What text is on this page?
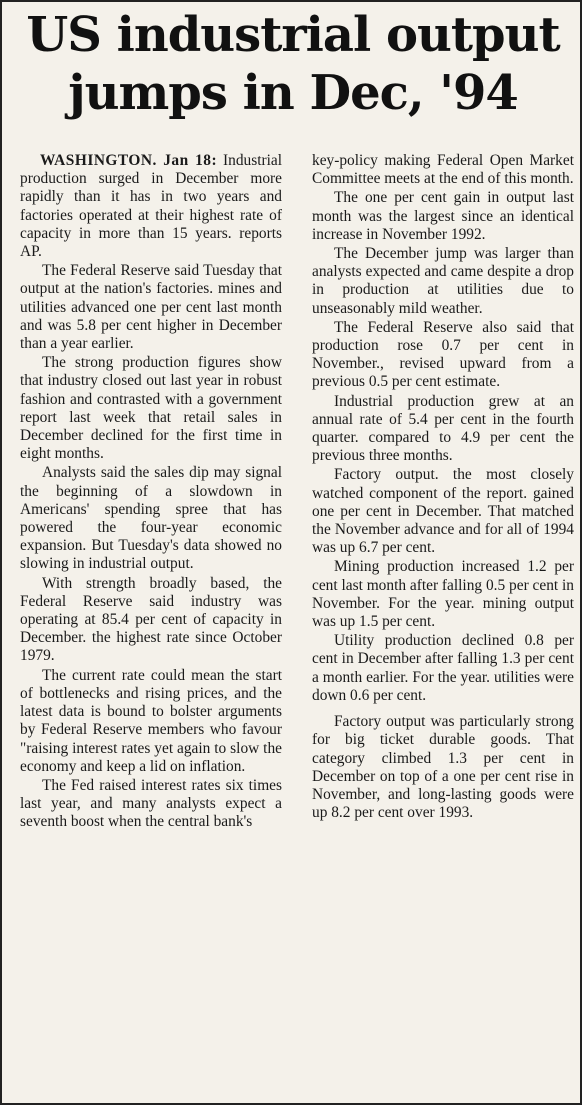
US industrial output jumps in Dec, '94

WASHINGTON. Jan 18: Industrial production surged in December more rapidly than it has in two years and factories operated at their highest rate of capacity in more than 15 years. reports AP.

The Federal Reserve said Tuesday that output at the nation's factories. mines and utilities advanced one per cent last month and was 5.8 per cent higher in December than a year earlier.

The strong production figures show that industry closed out last year in robust fashion and contrasted with a government report last week that retail sales in December declined for the first time in eight months.

Analysts said the sales dip may signal the beginning of a slowdown in Americans' spending spree that has powered the four-year economic expansion. But Tuesday's data showed no slowing in industrial output.

With strength broadly based, the Federal Reserve said industry was operating at 85.4 per cent of capacity in December. the highest rate since October 1979.

The current rate could mean the start of bottlenecks and rising prices, and the latest data is bound to bolster arguments by Federal Reserve members who favour "raising interest rates yet again to slow the economy and keep a lid on inflation.

The Fed raised interest rates six times last year, and many analysts expect a seventh boost when the central bank's

key-policy making Federal Open Market Committee meets at the end of this month.

The one per cent gain in output last month was the largest since an identical increase in November 1992.

The December jump was larger than analysts expected and came despite a drop in production at utilities due to unseasonably mild weather.

The Federal Reserve also said that production rose 0.7 per cent in November., revised upward from a previous 0.5 per cent estimate.

Industrial production grew at an annual rate of 5.4 per cent in the fourth quarter. compared to 4.9 per cent the previous three months.

Factory output. the most closely watched component of the report. gained one per cent in December. That matched the November advance and for all of 1994 was up 6.7 per cent.

Mining production increased 1.2 per cent last month after falling 0.5 per cent in November. For the year. mining output was up 1.5 per cent.

Utility production declined 0.8 per cent in December after falling 1.3 per cent a month earlier. For the year. utilities were down 0.6 per cent.

Factory output was particularly strong for big ticket durable goods. That category climbed 1.3 per cent in December on top of a one per cent rise in November, and long-lasting goods were up 8.2 per cent over 1993.
